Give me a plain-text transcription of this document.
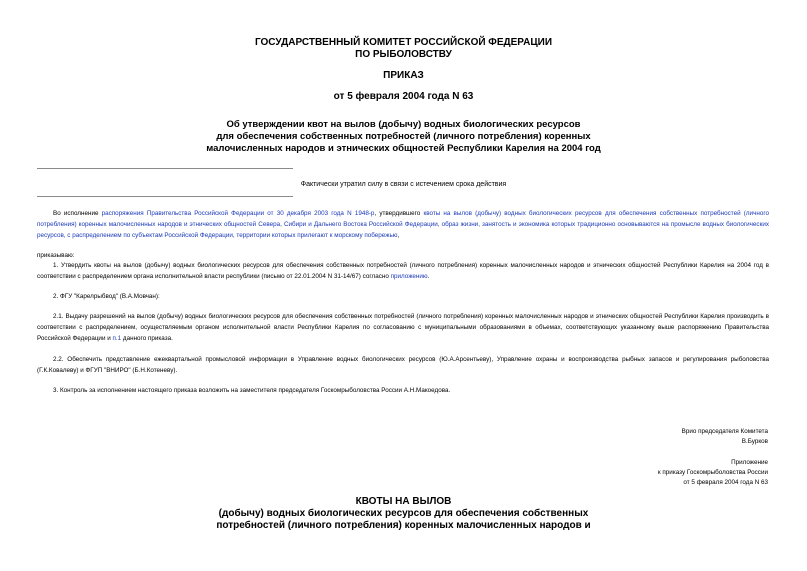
ГОСУДАРСТВЕННЫЙ КОМИТЕТ РОССИЙСКОЙ ФЕДЕРАЦИИ
ПО РЫБОЛОВСТВУ
ПРИКАЗ
от 5 февраля 2004 года N 63
Об утверждении квот на вылов (добычу) водных биологических ресурсов
для обеспечения собственных потребностей (личного потребления) коренных
малочисленных народов и этнических общностей Республики Карелия на 2004 год
Фактически утратил силу в связи с истечением срока действия
Во исполнение распоряжения Правительства Российской Федерации от 30 декабря 2003 года N 1948-р, утвердившего квоты на вылов (добычу) водных биологических ресурсов для обеспечения собственных потребностей (личного потребления) коренных малочисленных народов и этнических общностей Севера, Сибири и Дальнего Востока Российской Федерации, образ жизни, занятость и экономика которых традиционно основываются на промысле водных биологических ресурсов, с распределением по субъектам Российской Федерации, территории которых прилегают к морскому побережью,
приказываю:
1. Утвердить квоты на вылов (добычу) водных биологических ресурсов для обеспечения собственных потребностей (личного потребления) коренных малочисленных народов и этнических общностей Республики Карелия на 2004 год в соответствии с распределением органа исполнительной власти республики (письмо от 22.01.2004 N 31-14/67) согласно приложению.
2. ФГУ "Карелрыбвод" (В.А.Мовчан):
2.1. Выдачу разрешений на вылов (добычу) водных биологических ресурсов для обеспечения собственных потребностей (личного потребления) коренных малочисленных народов и этнических общностей Республики Карелия производить в соответствии с распределением, осуществляемым органом исполнительной власти Республики Карелия по согласованию с муниципальными образованиями в объемах, соответствующих указанному выше распоряжению Правительства Российской Федерации и п.1 данного приказа.
2.2. Обеспечить представление ежеквартальной промысловой информации в Управление водных биологических ресурсов (Ю.А.Арсентьеву), Управление охраны и воспроизводства рыбных запасов и регулирования рыболовства (Г.К.Ковалеву) и ФГУП "ВНИРО" (Б.Н.Котеневу).
3. Контроль за исполнением настоящего приказа возложить на заместителя председателя Госкомрыболовства России А.Н.Макоедова.
Врио председателя Комитета
В.Бурков
Приложение
к приказу Госкомрыболовства России
от 5 февраля 2004 года N 63
КВОТЫ НА ВЫЛОВ
(добычу) водных биологических ресурсов для обеспечения собственных
потребностей (личного потребления) коренных малочисленных народов и
